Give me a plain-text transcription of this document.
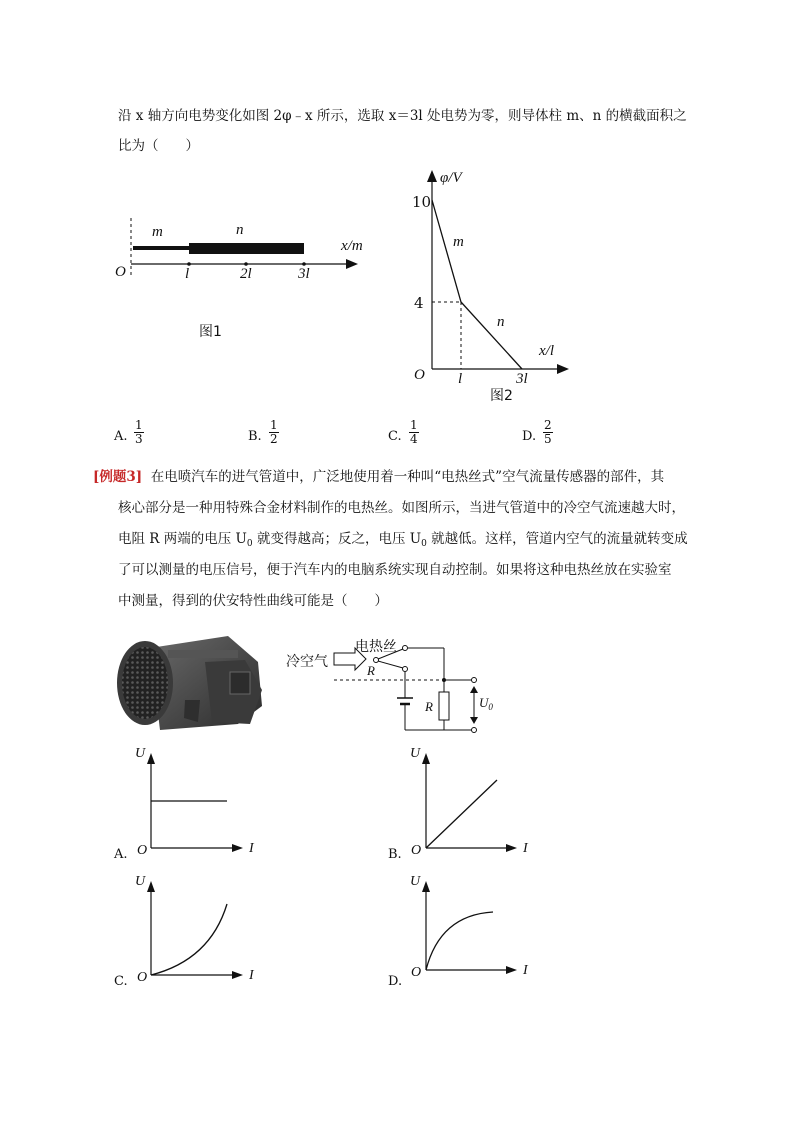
沿 x 轴方向电势变化如图 2φ﹣x 所示，选取 x＝3l 处电势为零，则导体柱 m、n 的横截面积之
比为（　　）
m	n
x/m
O	l	2l	3l
图1
φ/V
10
4
m
n
x/l
O l	3l
图2
A. $\frac{1}{3}$	B. $\frac{1}{2}$	C. $\frac{1}{4}$	D. $\frac{2}{5}$
[例题3] 在电喷汽车的进气管道中，广泛地使用着一种叫“电热丝式”空气流量传感器的部件，其
核心部分是一种用特殊合金材料制作的电热丝。如图所示，当进气管道中的冷空气流速越大时，
电阻 R 两端的电压 $U_0$ 就变得越高；反之，电压 $U_0$ 就越低。这样，管道内空气的流量就转变成
了可以测量的电压信号，便于汽车内的电脑系统实现自动控制。如果将这种电热丝放在实验室
中测量，得到的伏安特性曲线可能是（　　）
冷空气
电热丝
R
R	$U_0$
U
O	I
A.
U
O	I
B.
U
O	I
C.
U
O	I
D.
